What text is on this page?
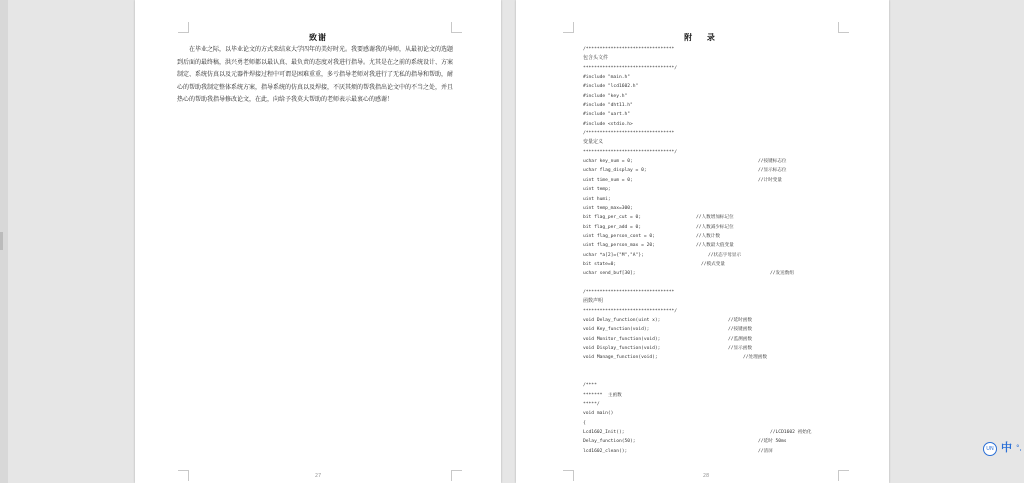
致谢

在毕业之际，以毕业论文的方式来结束大学四年的美好时光。我要感谢我的导师，从最初论文的选题到后面的最终稿，洪兴勇老师都以最认真、最负责的态度对我进行指导。尤其是在之前的系统设计、方案制定、系统仿真以及元器件焊接过程中可谓是困难重重，多亏指导老师对我进行了无私的指导和帮助，耐心的帮助我制定整体系统方案，指导系统的仿真以及焊接，不厌其烦的帮我指出论文中的不当之处，并且热心的帮助我指导修改论文，在此，向给予我莫大帮助的老师表示最衷心的感谢！

27
附 录
/********************************
包含头文件
*********************************/
#include "main.h"
#include "lcd1602.h"
#include "key.h"
#include "dht11.h"
#include "uart.h"
#include <stdio.h>
/********************************
变量定义
*********************************/
uchar key_num = 0;	//按键标志位
uchar flag_display = 0;	//显示标志位
uint time_num = 0;	//计时变量
uint temp;
uint humi;
uint temp_max=300;
bit flag_per_cut = 0;	//人数增加标记位
bit flag_per_add = 0;	//人数减少标记位
uint flag_person_cont = 0;	//人数计数
uint flag_person_max = 20;	//人数最大值变量
uchar *a[2]={"M","A"};	//状态字母显示
bit state=0;	//模式变量
uchar send_buf[30];	//发送数组
/********************************
函数声明
*********************************/
void Delay_function(uint x);	//延时函数
void Key_function(void);	//按键函数
void Monitor_function(void);	//监测函数
void Display_function(void);	//显示函数
void Manage_function(void);	//处理函数
/****
*******  主函数
*****/
void main()
{
Lcd1602_Init();	//LCD1602 初始化
Delay_function(50);	//延时 50ms
lcd1602_clean();	//清屏
28
UN 中 °,
